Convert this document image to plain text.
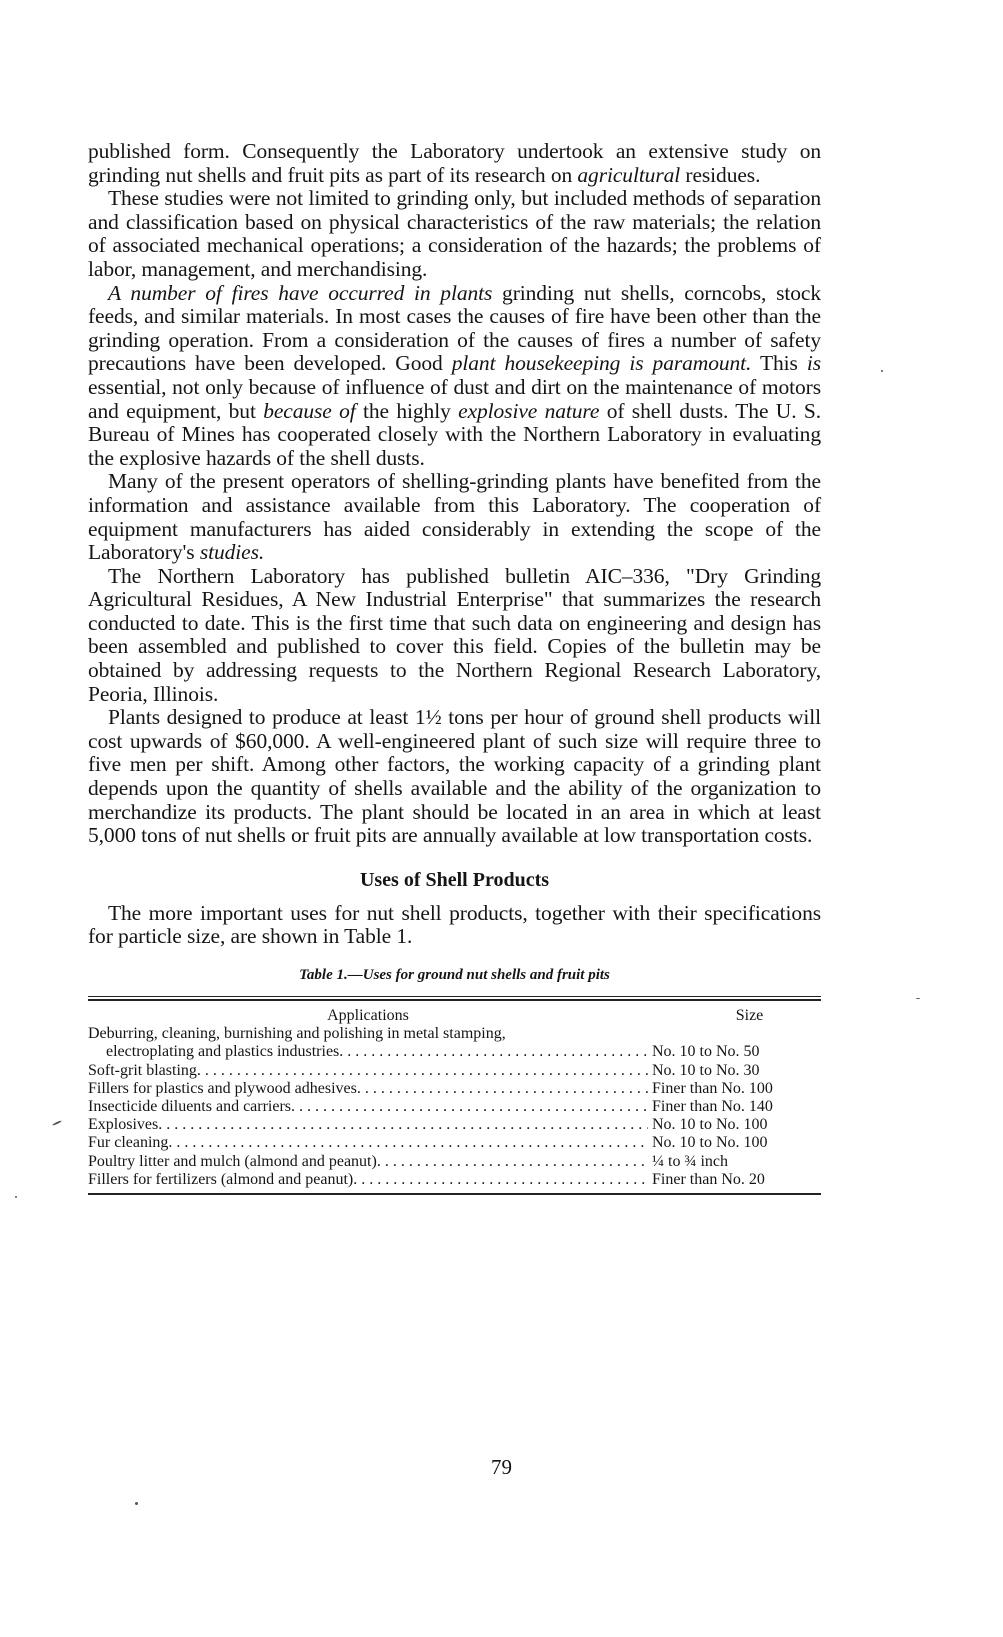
published form. Consequently the Laboratory undertook an extensive study on grinding nut shells and fruit pits as part of its research on agricultural residues.

These studies were not limited to grinding only, but included methods of separation and classification based on physical characteristics of the raw materials; the relation of associated mechanical operations; a consideration of the hazards; the problems of labor, management, and merchandising.

A number of fires have occurred in plants grinding nut shells, corncobs, stock feeds, and similar materials. In most cases the causes of fire have been other than the grinding operation. From a consideration of the causes of fires a number of safety precautions have been developed. Good plant housekeeping is paramount. This is essential, not only because of influence of dust and dirt on the maintenance of motors and equipment, but because of the highly explosive nature of shell dusts. The U. S. Bureau of Mines has cooperated closely with the Northern Laboratory in evaluating the explosive hazards of the shell dusts.

Many of the present operators of shelling-grinding plants have benefited from the information and assistance available from this Laboratory. The cooperation of equipment manufacturers has aided considerably in extending the scope of the Laboratory's studies.

The Northern Laboratory has published bulletin AIC–336, "Dry Grinding Agricultural Residues, A New Industrial Enterprise" that summarizes the research conducted to date. This is the first time that such data on engineering and design has been assembled and published to cover this field. Copies of the bulletin may be obtained by addressing requests to the Northern Regional Research Laboratory, Peoria, Illinois.

Plants designed to produce at least 1½ tons per hour of ground shell products will cost upwards of $60,000. A well-engineered plant of such size will require three to five men per shift. Among other factors, the working capacity of a grinding plant depends upon the quantity of shells available and the ability of the organization to merchandize its products. The plant should be located in an area in which at least 5,000 tons of nut shells or fruit pits are annually available at low transportation costs.

Uses of Shell Products

The more important uses for nut shell products, together with their specifications for particle size, are shown in Table 1.

Table 1.—Uses for ground nut shells and fruit pits
Applications	Size
Deburring, cleaning, burnishing and polishing in metal stamping,
electroplating and plastics industries . . .	No. 10 to No. 50
Soft-grit blasting . . .	No. 10 to No. 30
Fillers for plastics and plywood adhesives . . .	Finer than No. 100
Insecticide diluents and carriers . . .	Finer than No. 140
Explosives . . .	No. 10 to No. 100
Fur cleaning . . .	No. 10 to No. 100
Poultry litter and mulch (almond and peanut) . . .	¼ to ¾ inch
Fillers for fertilizers (almond and peanut) . . .	Finer than No. 20
79
